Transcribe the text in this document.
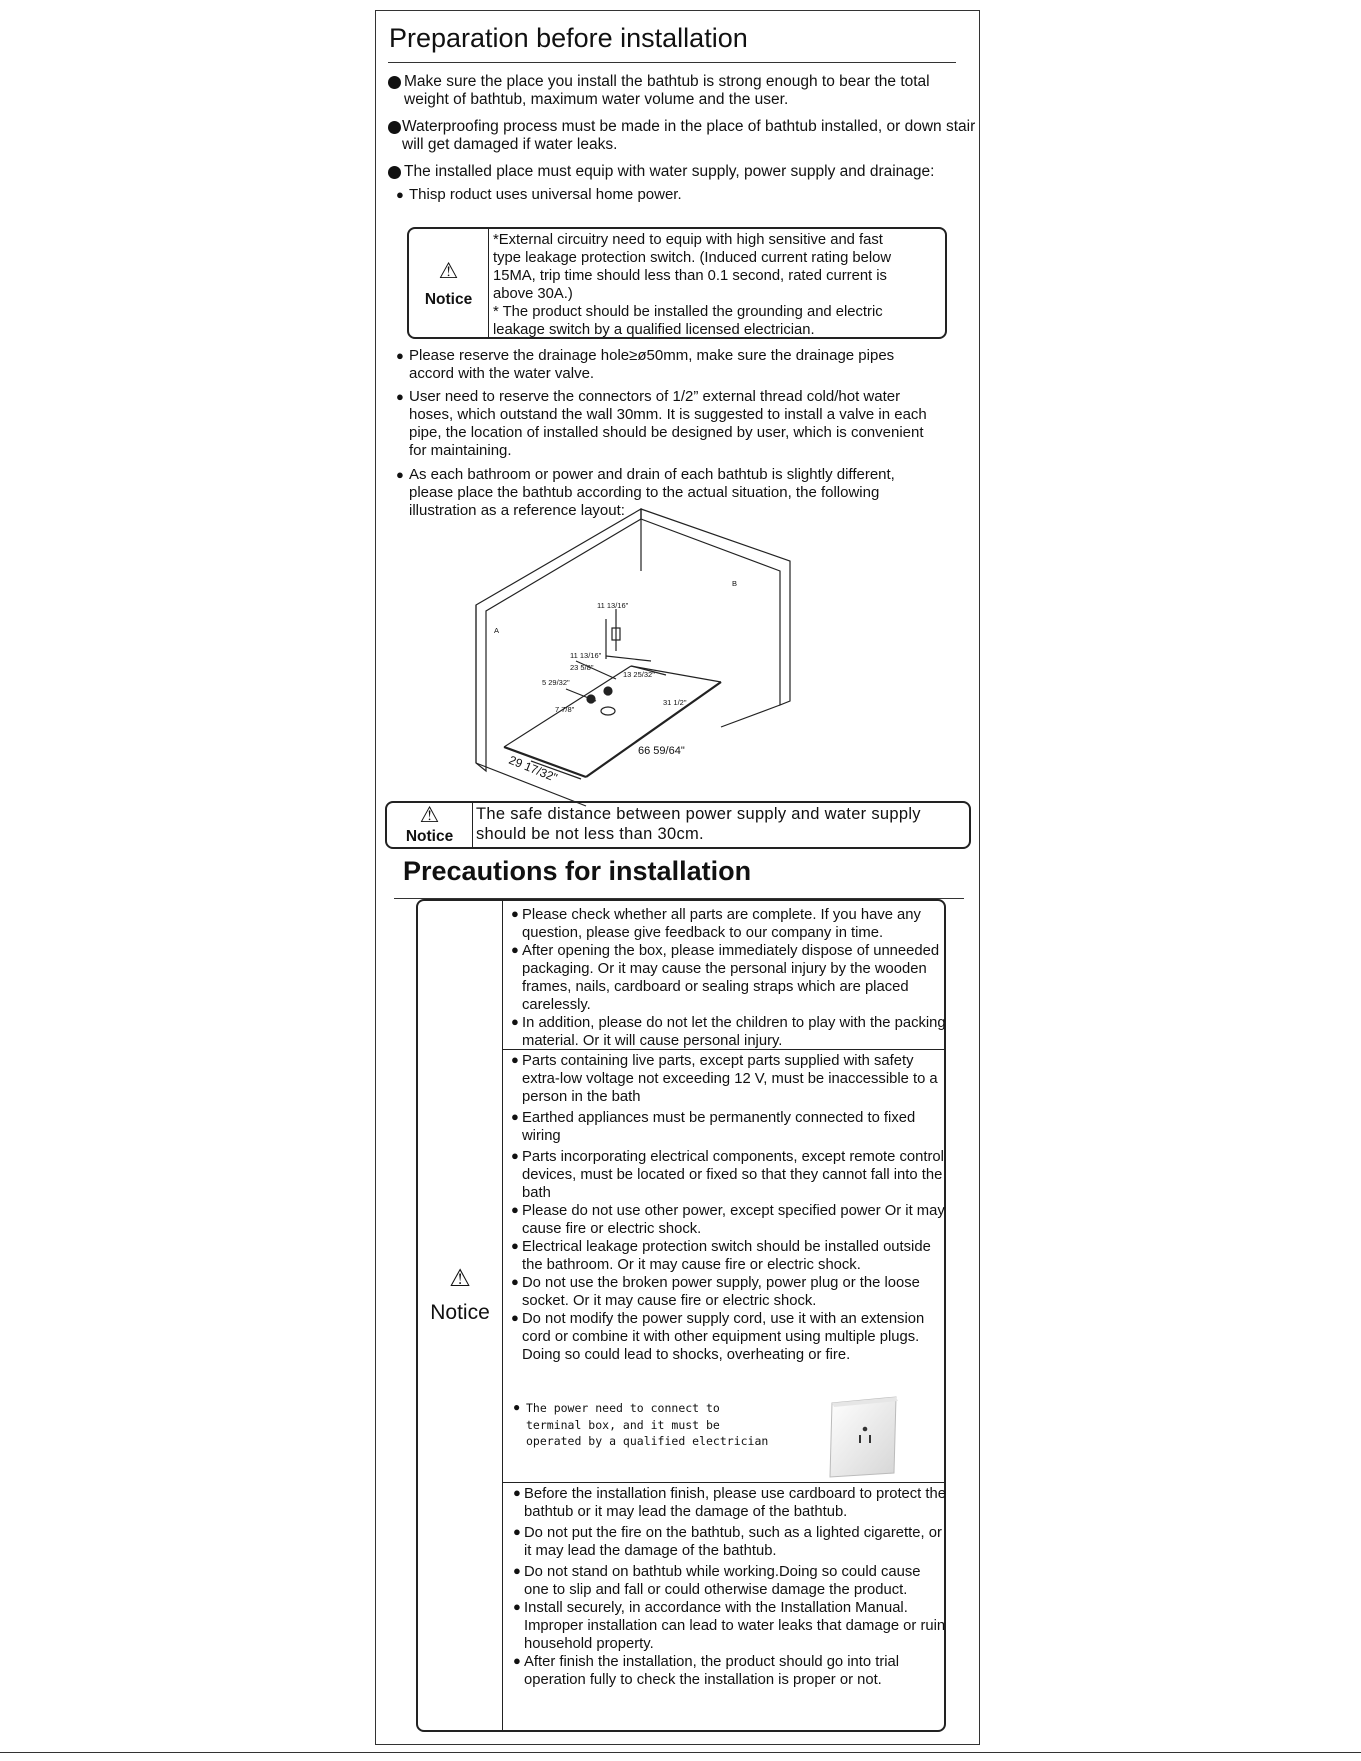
Preparation before installation
Make sure the place you install the bathtub is strong enough to bear the total weight of bathtub, maximum water volume and the user.
Waterproofing process must be made in the place of bathtub installed, or down stair will get damaged if water leaks.
The installed place must equip with water supply, power supply and drainage:
● Thisp roduct uses universal home power.
⚠
Notice
*External circuitry need to equip with high sensitive and fast
type leakage protection switch. (Induced current rating below
15MA, trip time should less than 0.1 second, rated current is
above 30A.)
* The product should be installed the grounding and electric
leakage switch by a qualified licensed electrician.
● Please reserve the drainage hole≥ø50mm, make sure the drainage pipes accord with the water valve.
● User need to reserve the connectors of 1/2” external thread cold/hot water hoses, which outstand the wall 30mm. It is suggested to install a valve in each pipe, the location of installed should be designed by user, which is convenient for maintaining.
● As each bathroom or power and drain of each bathtub is slightly different, please place the bathtub according to the actual situation, the following illustration as a reference layout:
A
B
11 13/16"
11 13/16"
23 5/8"
5 29/32"
13 25/32"
7 7/8"
31 1/2"
66 59/64"
29 17/32"
⚠
Notice
The safe distance between power supply and water supply
should be not less than 30cm.
Precautions for installation
⚠
Notice
● Please check whether all parts are complete. If you have any question, please give feedback to our company in time.
● After opening the box, please immediately dispose of unneeded packaging. Or it may cause the personal injury by the wooden frames, nails, cardboard or sealing straps which are placed carelessly.
● In addition, please do not let the children to play with the packing material. Or it will cause personal injury.
● Parts containing live parts, except parts supplied with safety extra-low voltage not exceeding 12 V, must be inaccessible to a person in the bath
● Earthed appliances must be permanently connected to fixed wiring
● Parts incorporating electrical components, except remote control devices, must be located or fixed so that they cannot fall into the bath
● Please do not use other power, except specified power Or it may cause fire or electric shock.
● Electrical leakage protection switch should be installed outside the bathroom. Or it may cause fire or electric shock.
● Do not use the broken power supply, power plug or the loose socket. Or it may cause fire or electric shock.
● Do not modify the power supply cord, use it with an extension cord or combine it with other equipment using multiple plugs.
Doing so could lead to shocks, overheating or fire.
● The power need to connect to
terminal box, and it must be
operated by a qualified electrician
● Before the installation finish, please use cardboard to protect the bathtub or it may lead the damage of the bathtub.
● Do not put the fire on the bathtub, such as a lighted cigarette, or it may lead the damage of the bathtub.
● Do not stand on bathtub while working.Doing so could cause one to slip and fall or could otherwise damage the product.
● Install securely, in accordance with the Installation Manual. Improper installation can lead to water leaks that damage or ruin household property.
● After finish the installation, the product should go into trial operation fully to check the installation is proper or not.
